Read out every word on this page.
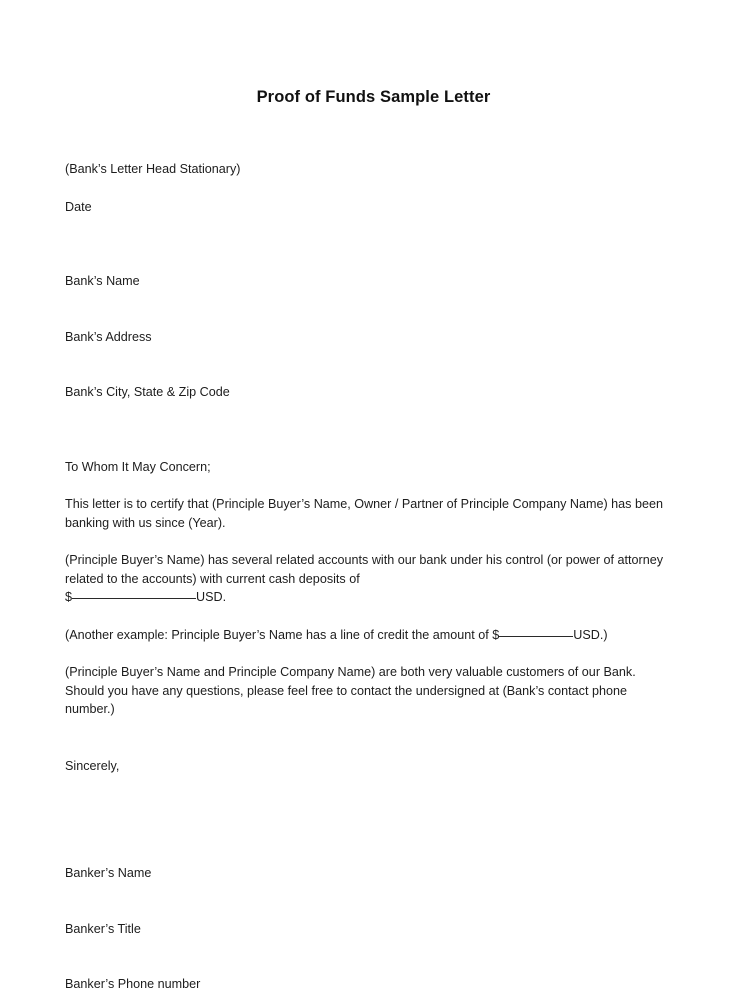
Proof of Funds Sample Letter

(Bank’s Letter Head Stationary)

Date

Bank’s Name

Bank’s Address

Bank’s City, State & Zip Code

To Whom It May Concern;

This letter is to certify that (Principle Buyer’s Name, Owner / Partner of Principle Company Name) has been banking with us since (Year).

(Principle Buyer’s Name) has several related accounts with our bank under his control (or power of attorney related to the accounts) with current cash deposits of
$	USD.

(Another example: Principle Buyer’s Name has a line of credit the amount of $	USD.)

(Principle Buyer’s Name and Principle Company Name) are both very valuable customers of our Bank.  Should you have any questions, please feel free to contact the undersigned at (Bank’s contact phone number.)

Sincerely,

Banker’s Name

Banker’s Title

Banker’s Phone number
